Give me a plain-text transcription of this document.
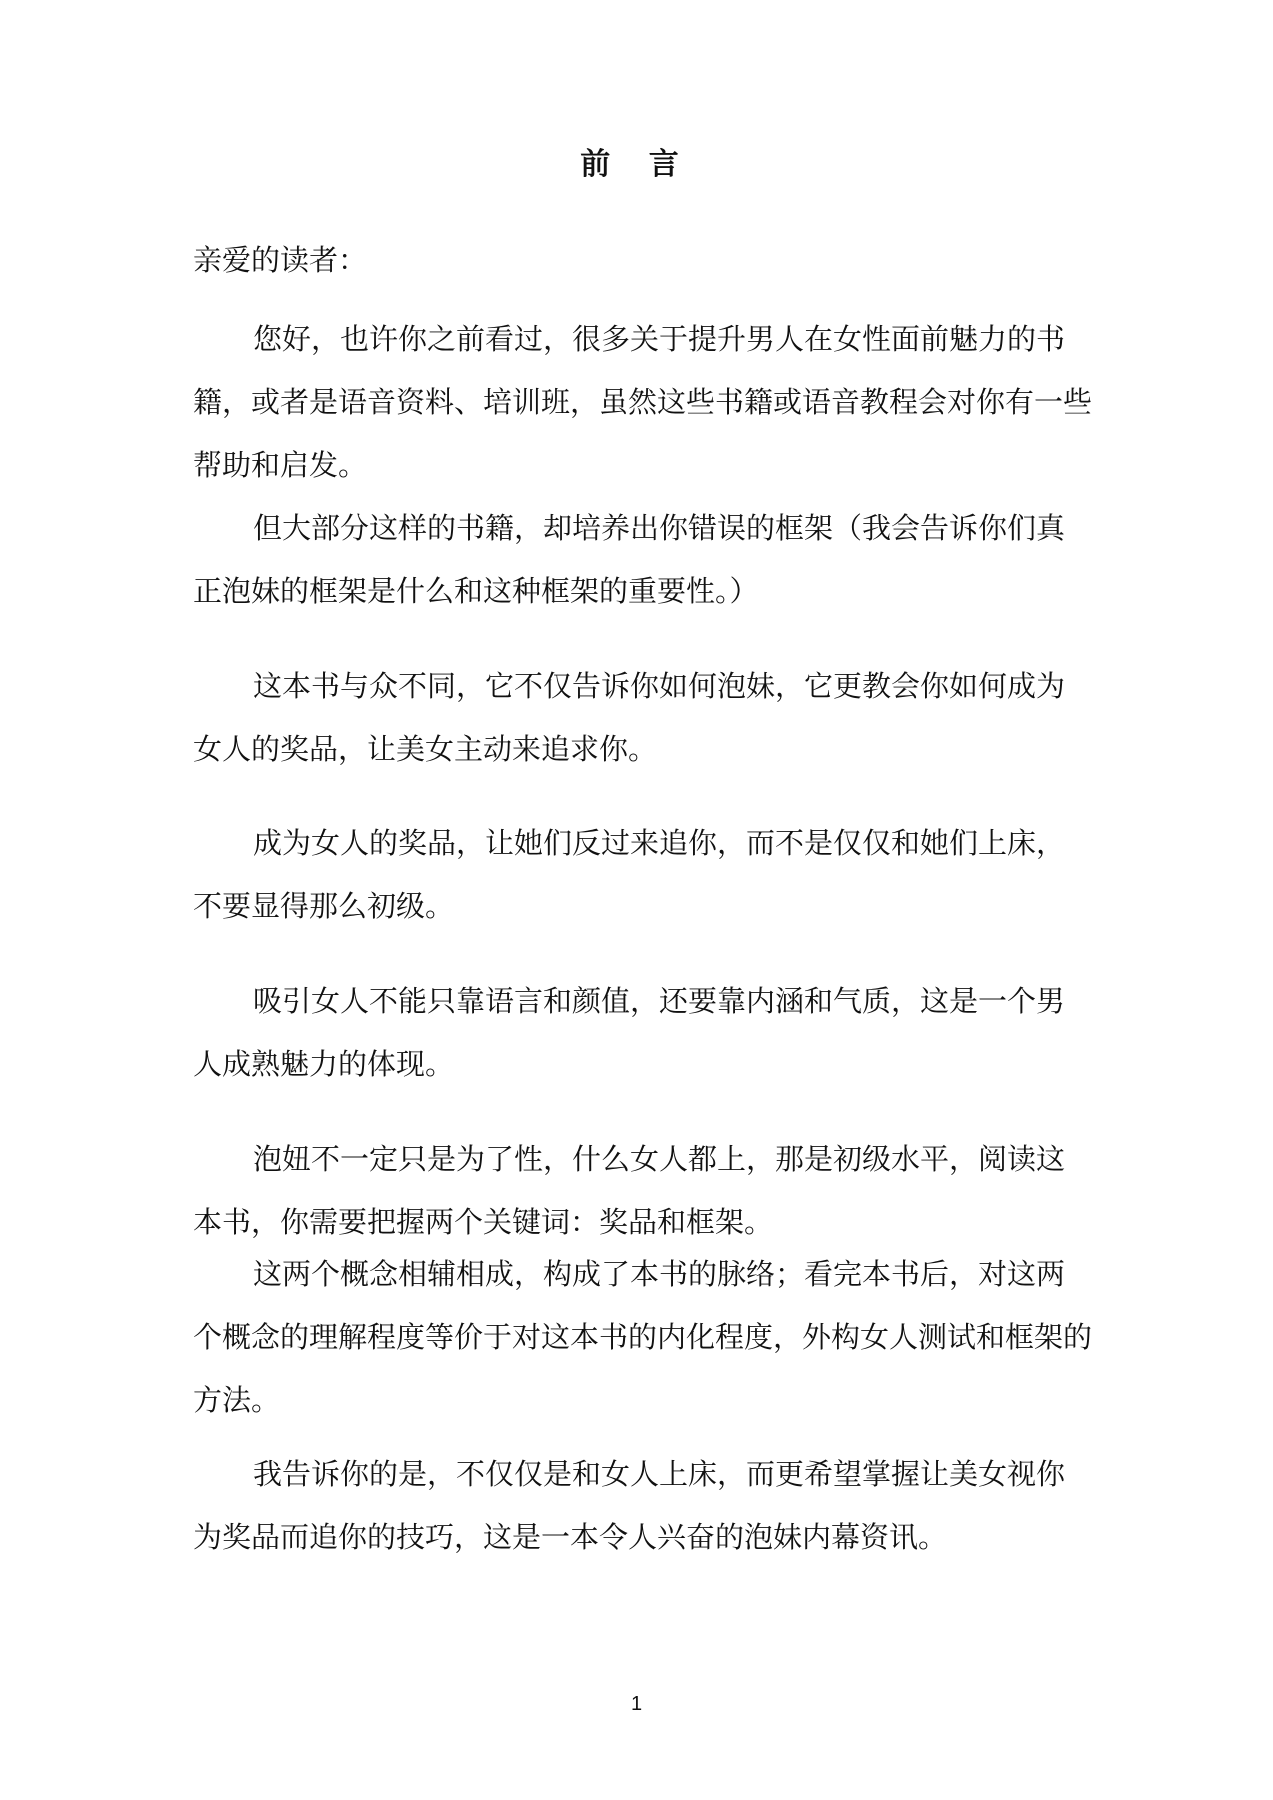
前 言

亲爱的读者：

您好，也许你之前看过，很多关于提升男人在女性面前魅力的书籍，或者是语音资料、培训班，虽然这些书籍或语音教程会对你有一些帮助和启发。

但大部分这样的书籍，却培养出你错误的框架（我会告诉你们真正泡妹的框架是什么和这种框架的重要性。）

这本书与众不同，它不仅告诉你如何泡妹，它更教会你如何成为女人的奖品，让美女主动来追求你。

成为女人的奖品，让她们反过来追你，而不是仅仅和她们上床，不要显得那么初级。

吸引女人不能只靠语言和颜值，还要靠内涵和气质，这是一个男人成熟魅力的体现。

泡妞不一定只是为了性，什么女人都上，那是初级水平，阅读这本书，你需要把握两个关键词：奖品和框架。

这两个概念相辅相成，构成了本书的脉络；看完本书后，对这两个概念的理解程度等价于对这本书的内化程度，外构女人测试和框架的方法。

我告诉你的是，不仅仅是和女人上床，而更希望掌握让美女视你为奖品而追你的技巧，这是一本令人兴奋的泡妹内幕资讯。

1
